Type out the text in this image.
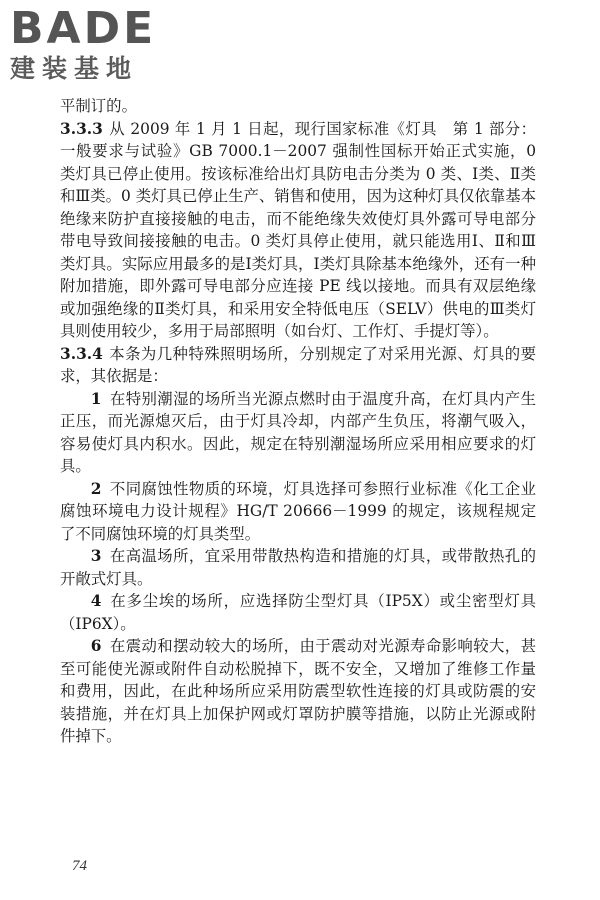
BADE
建装基地

平制订的。

3.3.3 从 2009 年 1 月 1 日起，现行国家标准《灯具　第 1 部分：一般要求与试验》GB 7000.1－2007 强制性国标开始正式实施，0 类灯具已停止使用。按该标准给出灯具防电击分类为 0 类、Ⅰ类、Ⅱ类和Ⅲ类。0 类灯具已停止生产、销售和使用，因为这种灯具仅依靠基本绝缘来防护直接接触的电击，而不能绝缘失效使灯具外露可导电部分带电导致间接接触的电击。0 类灯具停止使用，就只能选用Ⅰ、Ⅱ和Ⅲ类灯具。实际应用最多的是Ⅰ类灯具，Ⅰ类灯具除基本绝缘外，还有一种附加措施，即外露可导电部分应连接 PE 线以接地。而具有双层绝缘或加强绝缘的Ⅱ类灯具，和采用安全特低电压（SELV）供电的Ⅲ类灯具则使用较少，多用于局部照明（如台灯、工作灯、手提灯等）。

3.3.4 本条为几种特殊照明场所，分别规定了对采用光源、灯具的要求，其依据是：

1 在特别潮湿的场所当光源点燃时由于温度升高，在灯具内产生正压，而光源熄灭后，由于灯具冷却，内部产生负压，将潮气吸入，容易使灯具内积水。因此，规定在特别潮湿场所应采用相应要求的灯具。

2 不同腐蚀性物质的环境，灯具选择可参照行业标准《化工企业腐蚀环境电力设计规程》HG/T 20666－1999 的规定，该规程规定了不同腐蚀环境的灯具类型。

3 在高温场所，宜采用带散热构造和措施的灯具，或带散热孔的开敞式灯具。

4 在多尘埃的场所，应选择防尘型灯具（IP5X）或尘密型灯具（IP6X）。

6 在震动和摆动较大的场所，由于震动对光源寿命影响较大，甚至可能使光源或附件自动松脱掉下，既不安全，又增加了维修工作量和费用，因此，在此种场所应采用防震型软性连接的灯具或防震的安装措施，并在灯具上加保护网或灯罩防护膜等措施，以防止光源或附件掉下。

74
